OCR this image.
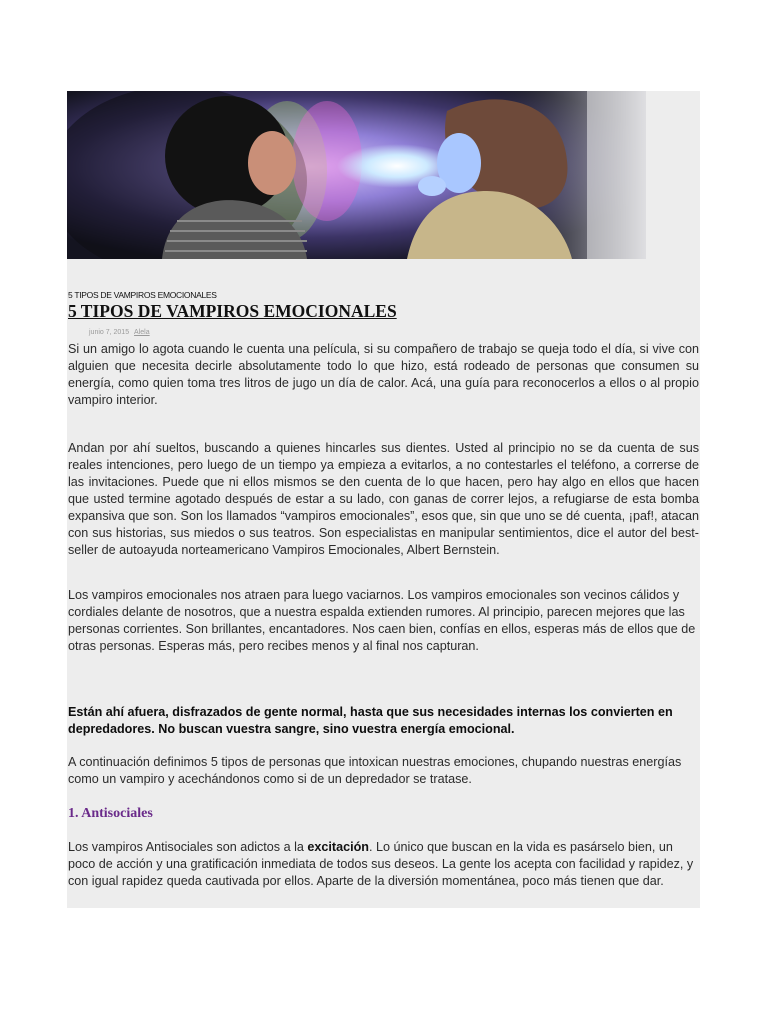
5 TIPOS DE VAMPIROS EMOCIONALES
5 TIPOS DE VAMPIROS EMOCIONALES
junio 7, 2015 Alela

Si un amigo lo agota cuando le cuenta una película, si su compañero de trabajo se queja todo el día, si vive con alguien que necesita decirle absolutamente todo lo que hizo, está rodeado de personas que consumen su energía, como quien toma tres litros de jugo un día de calor. Acá, una guía para reconocerlos a ellos o al propio vampiro interior.

Andan por ahí sueltos, buscando a quienes hincarles sus dientes. Usted al principio no se da cuenta de sus reales intenciones, pero luego de un tiempo ya empieza a evitarlos, a no contestarles el teléfono, a correrse de las invitaciones. Puede que ni ellos mismos se den cuenta de lo que hacen, pero hay algo en ellos que hacen que usted termine agotado después de estar a su lado, con ganas de correr lejos, a refugiarse de esta bomba expansiva que son. Son los llamados “vampiros emocionales”, esos que, sin que uno se dé cuenta, ¡paf!, atacan con sus historias, sus miedos o sus teatros. Son especialistas en manipular sentimientos, dice el autor del best-seller de autoayuda norteamericano Vampiros Emocionales, Albert Bernstein.

Los vampiros emocionales nos atraen para luego vaciarnos. Los vampiros emocionales son vecinos cálidos y cordiales delante de nosotros, que a nuestra espalda extienden rumores. Al principio, parecen mejores que las personas corrientes. Son brillantes, encantadores. Nos caen bien, confías en ellos, esperas más de ellos que de otras personas. Esperas más, pero recibes menos y al final nos capturan.

Están ahí afuera, disfrazados de gente normal, hasta que sus necesidades internas los convierten en depredadores. No buscan vuestra sangre, sino vuestra energía emocional.

A continuación definimos 5 tipos de personas que intoxican nuestras emociones, chupando nuestras energías como un vampiro y acechándonos como si de un depredador se tratase.

1. Antisociales

Los vampiros Antisociales son adictos a la excitación. Lo único que buscan en la vida es pasárselo bien, un poco de acción y una gratificación inmediata de todos sus deseos. La gente los acepta con facilidad y rapidez, y con igual rapidez queda cautivada por ellos. Aparte de la diversión momentánea, poco más tienen que dar.
